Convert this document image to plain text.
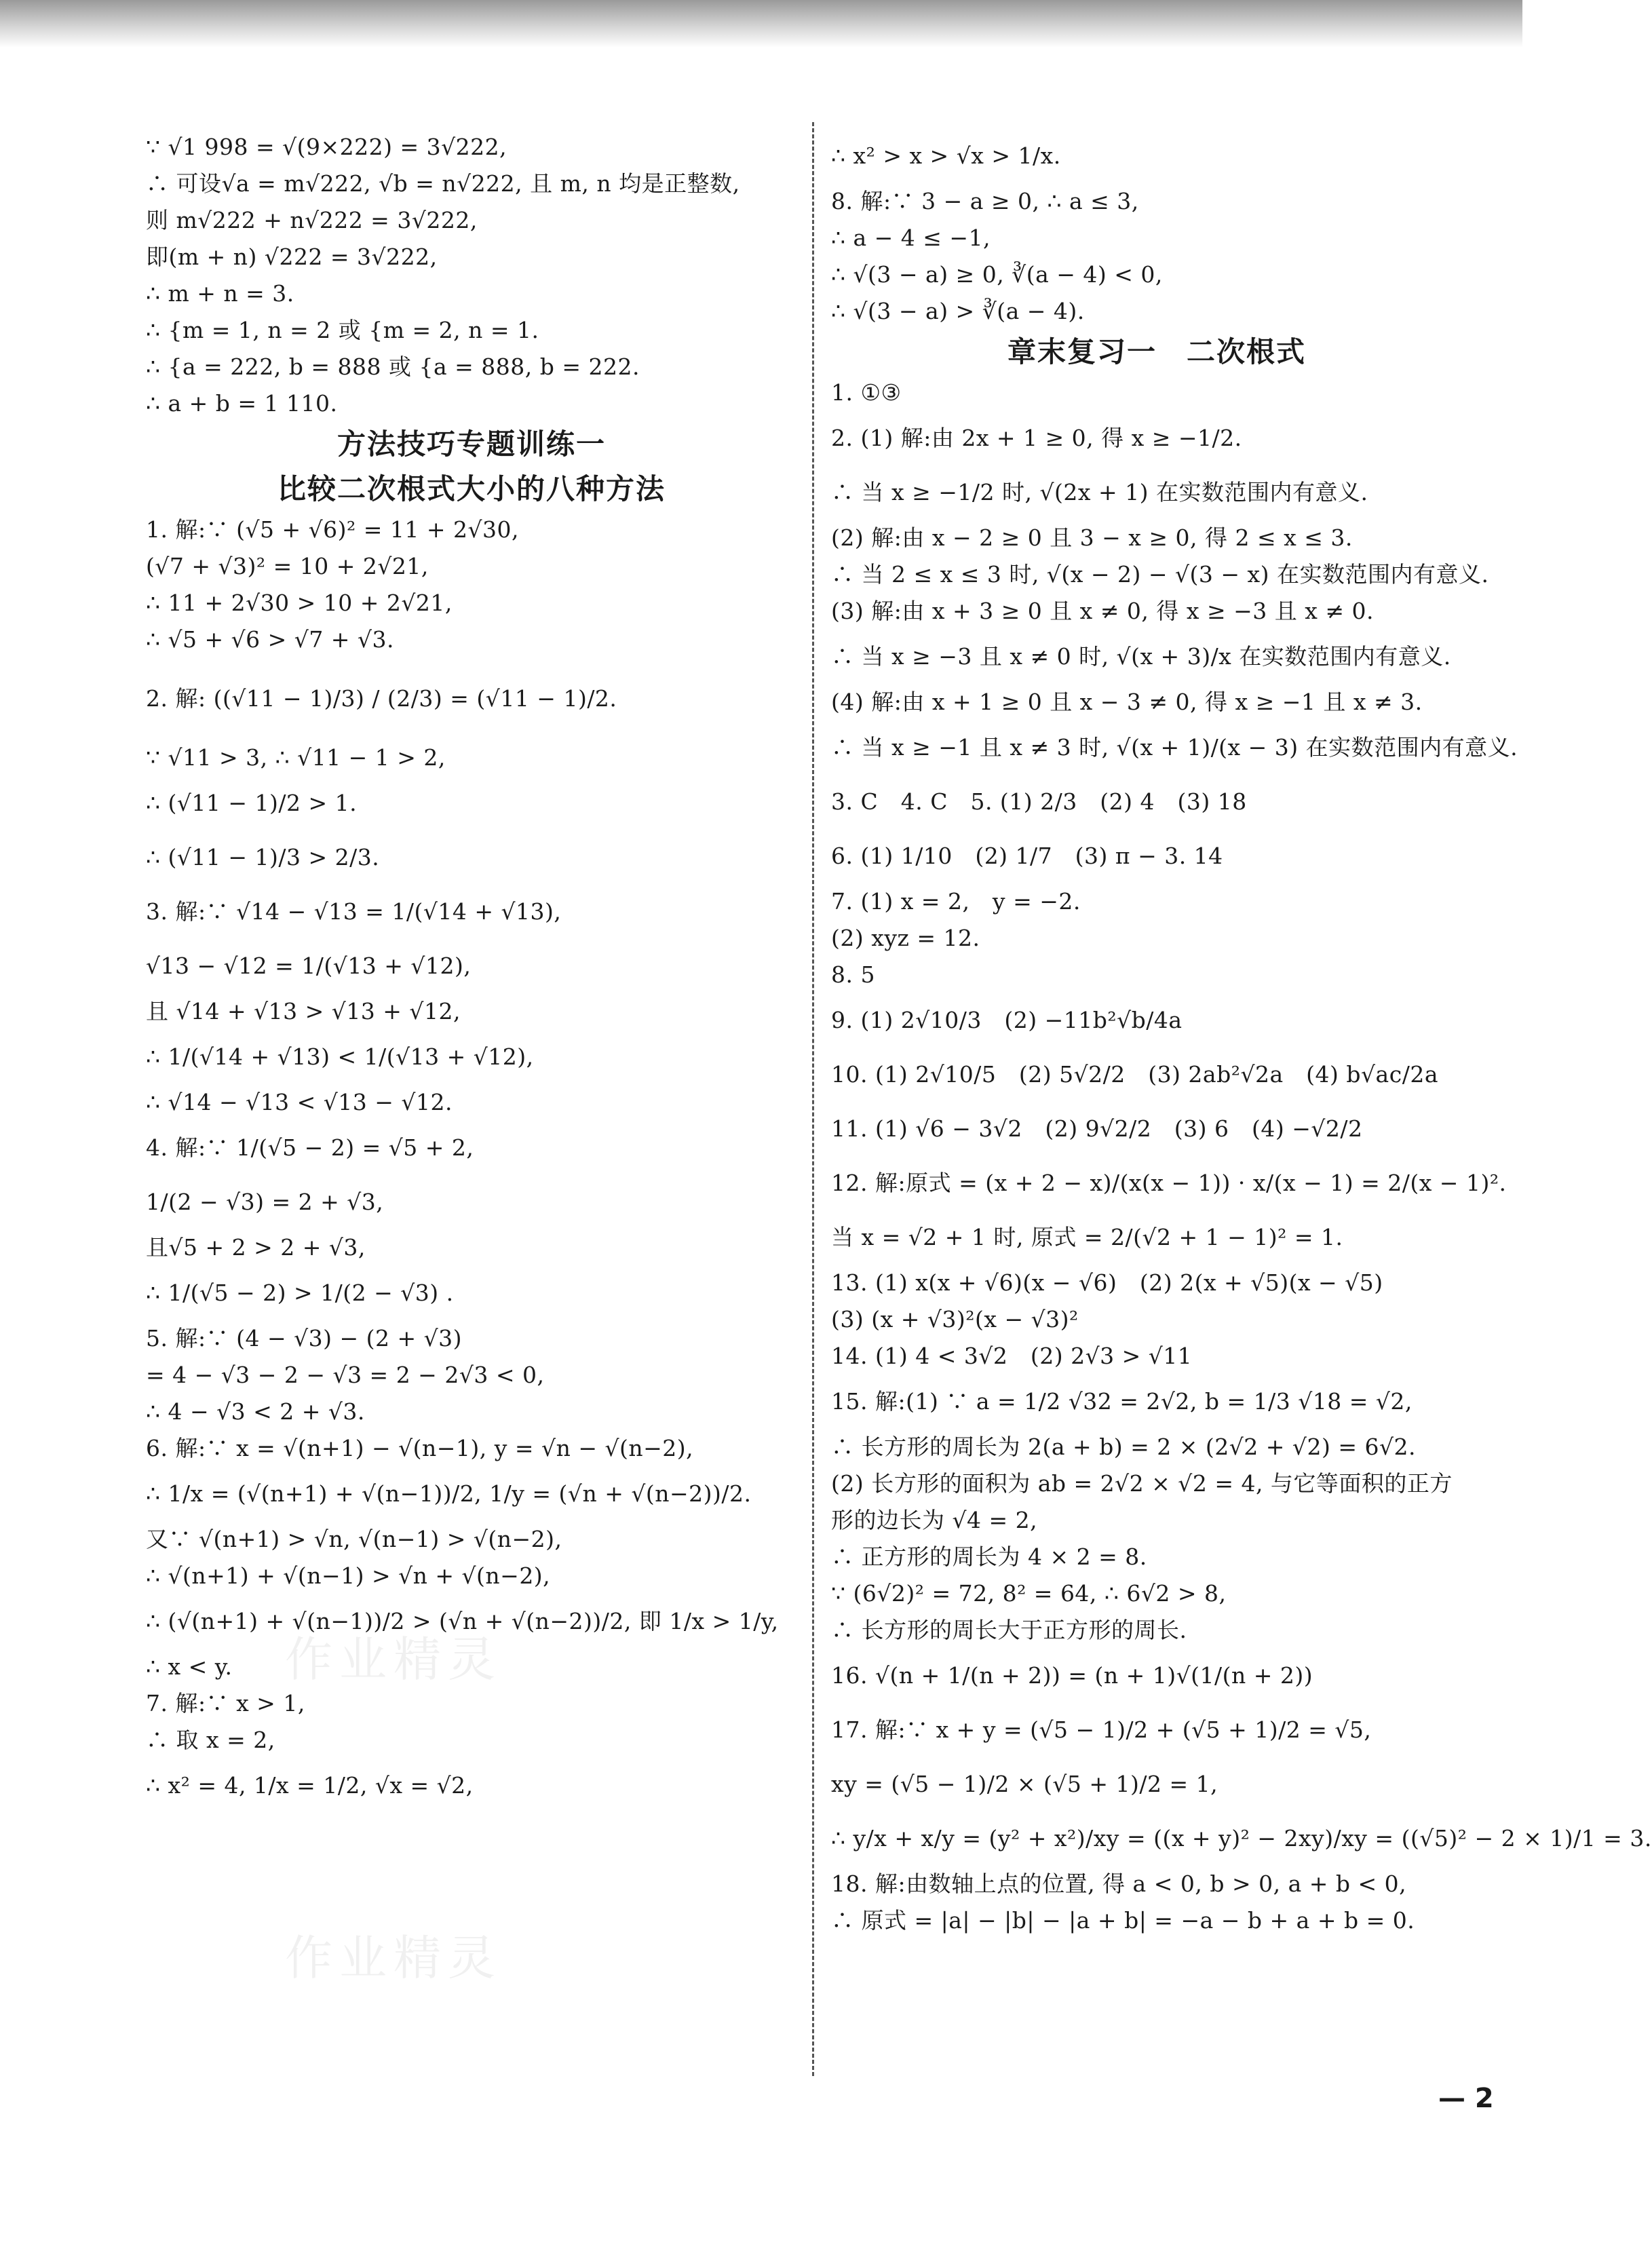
作业精灵
作业精灵
∵ √1 998 = √(9×222) = 3√222,
∴ 可设√a = m√222, √b = n√222, 且 m, n 均是正整数,
则 m√222 + n√222 = 3√222,
即(m + n) √222 = 3√222,
∴ m + n = 3.
∴ {m = 1, n = 2 或 {m = 2, n = 1.
∴ {a = 222, b = 888 或 {a = 888, b = 222.
∴ a + b = 1 110.
方法技巧专题训练一
比较二次根式大小的八种方法
1. 解:∵ (√5 + √6)² = 11 + 2√30,
(√7 + √3)² = 10 + 2√21,
∴ 11 + 2√30 > 10 + 2√21,
∴ √5 + √6 > √7 + √3.
2. 解: ((√11 − 1)/3) / (2/3) = (√11 − 1)/2.
∵ √11 > 3, ∴ √11 − 1 > 2,
∴ (√11 − 1)/2 > 1.
∴ (√11 − 1)/3 > 2/3.
3. 解:∵ √14 − √13 = 1/(√14 + √13),
√13 − √12 = 1/(√13 + √12),
且 √14 + √13 > √13 + √12,
∴ 1/(√14 + √13) < 1/(√13 + √12),
∴ √14 − √13 < √13 − √12.
4. 解:∵ 1/(√5 − 2) = √5 + 2,
1/(2 − √3) = 2 + √3,
且√5 + 2 > 2 + √3,
∴ 1/(√5 − 2) > 1/(2 − √3) .
5. 解:∵ (4 − √3) − (2 + √3)
= 4 − √3 − 2 − √3 = 2 − 2√3 < 0,
∴ 4 − √3 < 2 + √3.
6. 解:∵ x = √(n+1) − √(n−1), y = √n − √(n−2),
∴ 1/x = (√(n+1) + √(n−1))/2, 1/y = (√n + √(n−2))/2.
又∵ √(n+1) > √n, √(n−1) > √(n−2),
∴ √(n+1) + √(n−1) > √n + √(n−2),
∴ (√(n+1) + √(n−1))/2 > (√n + √(n−2))/2, 即 1/x > 1/y,
∴ x < y.
7. 解:∵ x > 1,
∴ 取 x = 2,
∴ x² = 4, 1/x = 1/2, √x = √2,
∴ x² > x > √x > 1/x.
8. 解:∵ 3 − a ≥ 0, ∴ a ≤ 3,
∴ a − 4 ≤ −1,
∴ √(3 − a) ≥ 0, ∛(a − 4) < 0,
∴ √(3 − a) > ∛(a − 4).
章末复习一　二次根式
1. ①③
2. (1) 解:由 2x + 1 ≥ 0, 得 x ≥ −1/2.
∴ 当 x ≥ −1/2 时, √(2x + 1) 在实数范围内有意义.
(2) 解:由 x − 2 ≥ 0 且 3 − x ≥ 0, 得 2 ≤ x ≤ 3.
∴ 当 2 ≤ x ≤ 3 时, √(x − 2) − √(3 − x) 在实数范围内有意义.
(3) 解:由 x + 3 ≥ 0 且 x ≠ 0, 得 x ≥ −3 且 x ≠ 0.
∴ 当 x ≥ −3 且 x ≠ 0 时, √(x + 3)/x 在实数范围内有意义.
(4) 解:由 x + 1 ≥ 0 且 x − 3 ≠ 0, 得 x ≥ −1 且 x ≠ 3.
∴ 当 x ≥ −1 且 x ≠ 3 时, √(x + 1)/(x − 3) 在实数范围内有意义.
3. C　4. C　5. (1) 2/3　(2) 4　(3) 18
6. (1) 1/10　(2) 1/7　(3) π − 3. 14
7. (1) x = 2,　y = −2.
(2) xyz = 12.
8. 5
9. (1) 2√10/3　(2) −11b²√b/4a
10. (1) 2√10/5　(2) 5√2/2　(3) 2ab²√2a　(4) b√ac/2a
11. (1) √6 − 3√2　(2) 9√2/2　(3) 6　(4) −√2/2
12. 解:原式 = (x + 2 − x)/(x(x − 1)) · x/(x − 1) = 2/(x − 1)².
当 x = √2 + 1 时, 原式 = 2/(√2 + 1 − 1)² = 1.
13. (1) x(x + √6)(x − √6)　(2) 2(x + √5)(x − √5)
(3) (x + √3)²(x − √3)²
14. (1) 4 < 3√2　(2) 2√3 > √11
15. 解:(1) ∵ a = 1/2 √32 = 2√2, b = 1/3 √18 = √2,
∴ 长方形的周长为 2(a + b) = 2 × (2√2 + √2) = 6√2.
(2) 长方形的面积为 ab = 2√2 × √2 = 4, 与它等面积的正方
形的边长为 √4 = 2,
∴ 正方形的周长为 4 × 2 = 8.
∵ (6√2)² = 72, 8² = 64, ∴ 6√2 > 8,
∴ 长方形的周长大于正方形的周长.
16. √(n + 1/(n + 2)) = (n + 1)√(1/(n + 2))
17. 解:∵ x + y = (√5 − 1)/2 + (√5 + 1)/2 = √5,
xy = (√5 − 1)/2 × (√5 + 1)/2 = 1,
∴ y/x + x/y = (y² + x²)/xy = ((x + y)² − 2xy)/xy = ((√5)² − 2 × 1)/1 = 3.
18. 解:由数轴上点的位置, 得 a < 0, b > 0, a + b < 0,
∴ 原式 = |a| − |b| − |a + b| = −a − b + a + b = 0.
— 2
